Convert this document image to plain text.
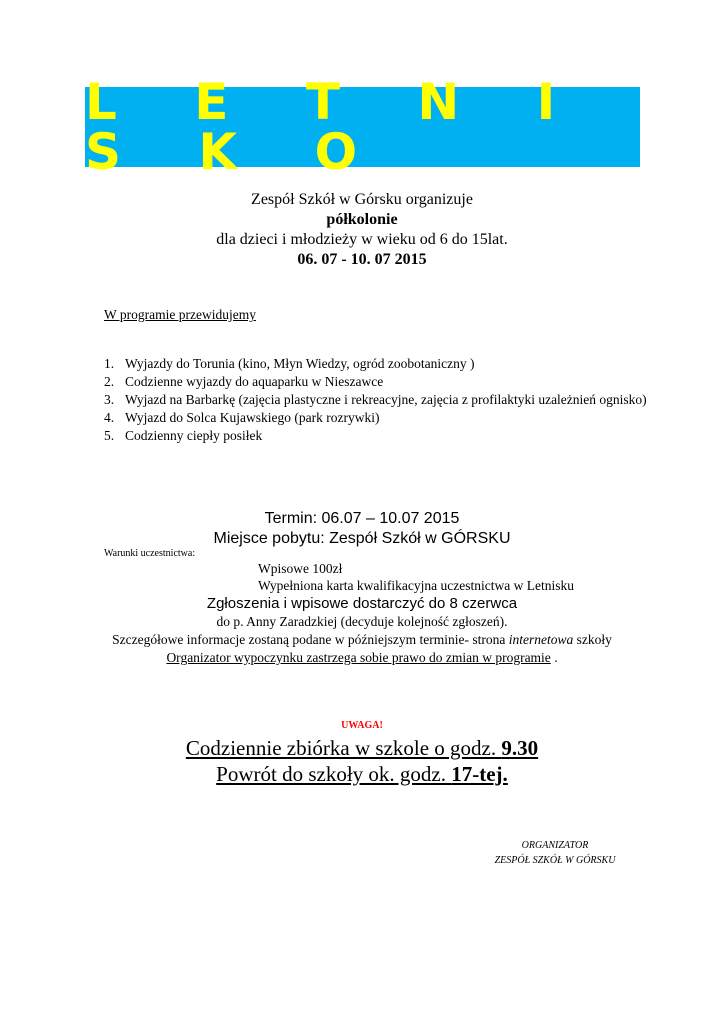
L E T N I S K O
Zespół Szkół w Górsku organizuje
półkolonie
dla dzieci i młodzieży w wieku od 6 do 15lat.
06. 07 - 10. 07 2015
W programie przewidujemy
1. Wyjazdy do Torunia (kino, Młyn Wiedzy, ogród zoobotaniczny )
2. Codzienne wyjazdy do aquaparku w Nieszawce
3. Wyjazd na Barbarkę (zajęcia plastyczne i rekreacyjne, zajęcia z profilaktyki uzależnień ognisko)
4. Wyjazd do Solca Kujawskiego (park rozrywki)
5. Codzienny ciepły posiłek
Termin: 06.07 – 10.07 2015
Miejsce pobytu: Zespół Szkół w GÓRSKU
Warunki uczestnictwa:
Wpisowe 100zł
Wypełniona karta kwalifikacyjna uczestnictwa w Letnisku
Zgłoszenia i wpisowe dostarczyć do 8 czerwca
do p. Anny Zaradzkiej (decyduje kolejność zgłoszeń).
Szczegółowe informacje zostaną podane w późniejszym terminie- strona internetowa szkoły
Organizator wypoczynku zastrzega sobie prawo do zmian w programie .
UWAGA!
Codziennie zbiórka w szkole o godz. 9.30
Powrót do szkoły ok. godz. 17-tej.
ORGANIZATOR
ZESPÓŁ SZKÓŁ W GÓRSKU
